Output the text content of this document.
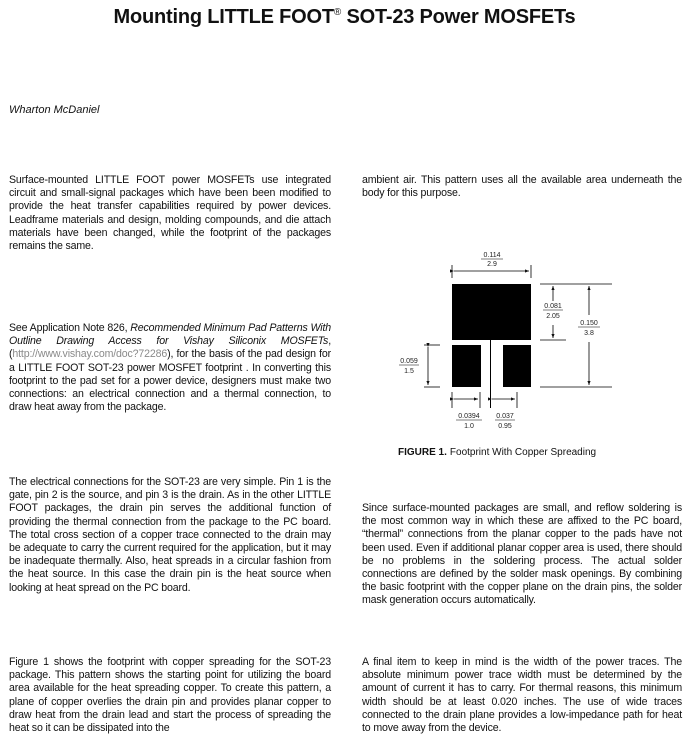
Mounting LITTLE FOOT® SOT-23 Power MOSFETs
Wharton McDaniel
Surface-mounted LITTLE FOOT power MOSFETs use integrated circuit and small-signal packages which have been been modified to provide the heat transfer capabilities required by power devices. Leadframe materials and design, molding compounds, and die attach materials have been changed, while the footprint of the packages remains the same.
See Application Note 826, Recommended Minimum Pad Patterns With Outline Drawing Access for Vishay Siliconix MOSFETs, (http://www.vishay.com/doc?72286), for the basis of the pad design for a LITTLE FOOT SOT-23 power MOSFET footprint . In converting this footprint to the pad set for a power device, designers must make two connections: an electrical connection and a thermal connection, to draw heat away from the package.
The electrical connections for the SOT-23 are very simple. Pin 1 is the gate, pin 2 is the source, and pin 3 is the drain. As in the other LITTLE FOOT packages, the drain pin serves the additional function of providing the thermal connection from the package to the PC board. The total cross section of a copper trace connected to the drain may be adequate to carry the current required for the application, but it may be inadequate thermally. Also, heat spreads in a circular fashion from the heat source. In this case the drain pin is the heat source when looking at heat spread on the PC board.
Figure 1 shows the footprint with copper spreading for the SOT-23 package. This pattern shows the starting point for utilizing the board area available for the heat spreading copper. To create this pattern, a plane of copper overlies the drain pin and provides planar copper to draw heat from the drain lead and start the process of spreading the heat so it can be dissipated into the
ambient air. This pattern uses all the available area underneath the body for this purpose.
0.114
2.9
0.081
2.05
0.150
3.8
0.059
1.5
0.0394
1.0
0.037
0.95
FIGURE 1. Footprint With Copper Spreading
Since surface-mounted packages are small, and reflow soldering is the most common way in which these are affixed to the PC board, “thermal” connections from the planar copper to the pads have not been used. Even if additional planar copper area is used, there should be no problems in the soldering process. The actual solder connections are defined by the solder mask openings. By combining the basic footprint with the copper plane on the drain pins, the solder mask generation occurs automatically.
A final item to keep in mind is the width of the power traces. The absolute minimum power trace width must be determined by the amount of current it has to carry. For thermal reasons, this minimum width should be at least 0.020 inches. The use of wide traces connected to the drain plane provides a low-impedance path for heat to move away from the device.
